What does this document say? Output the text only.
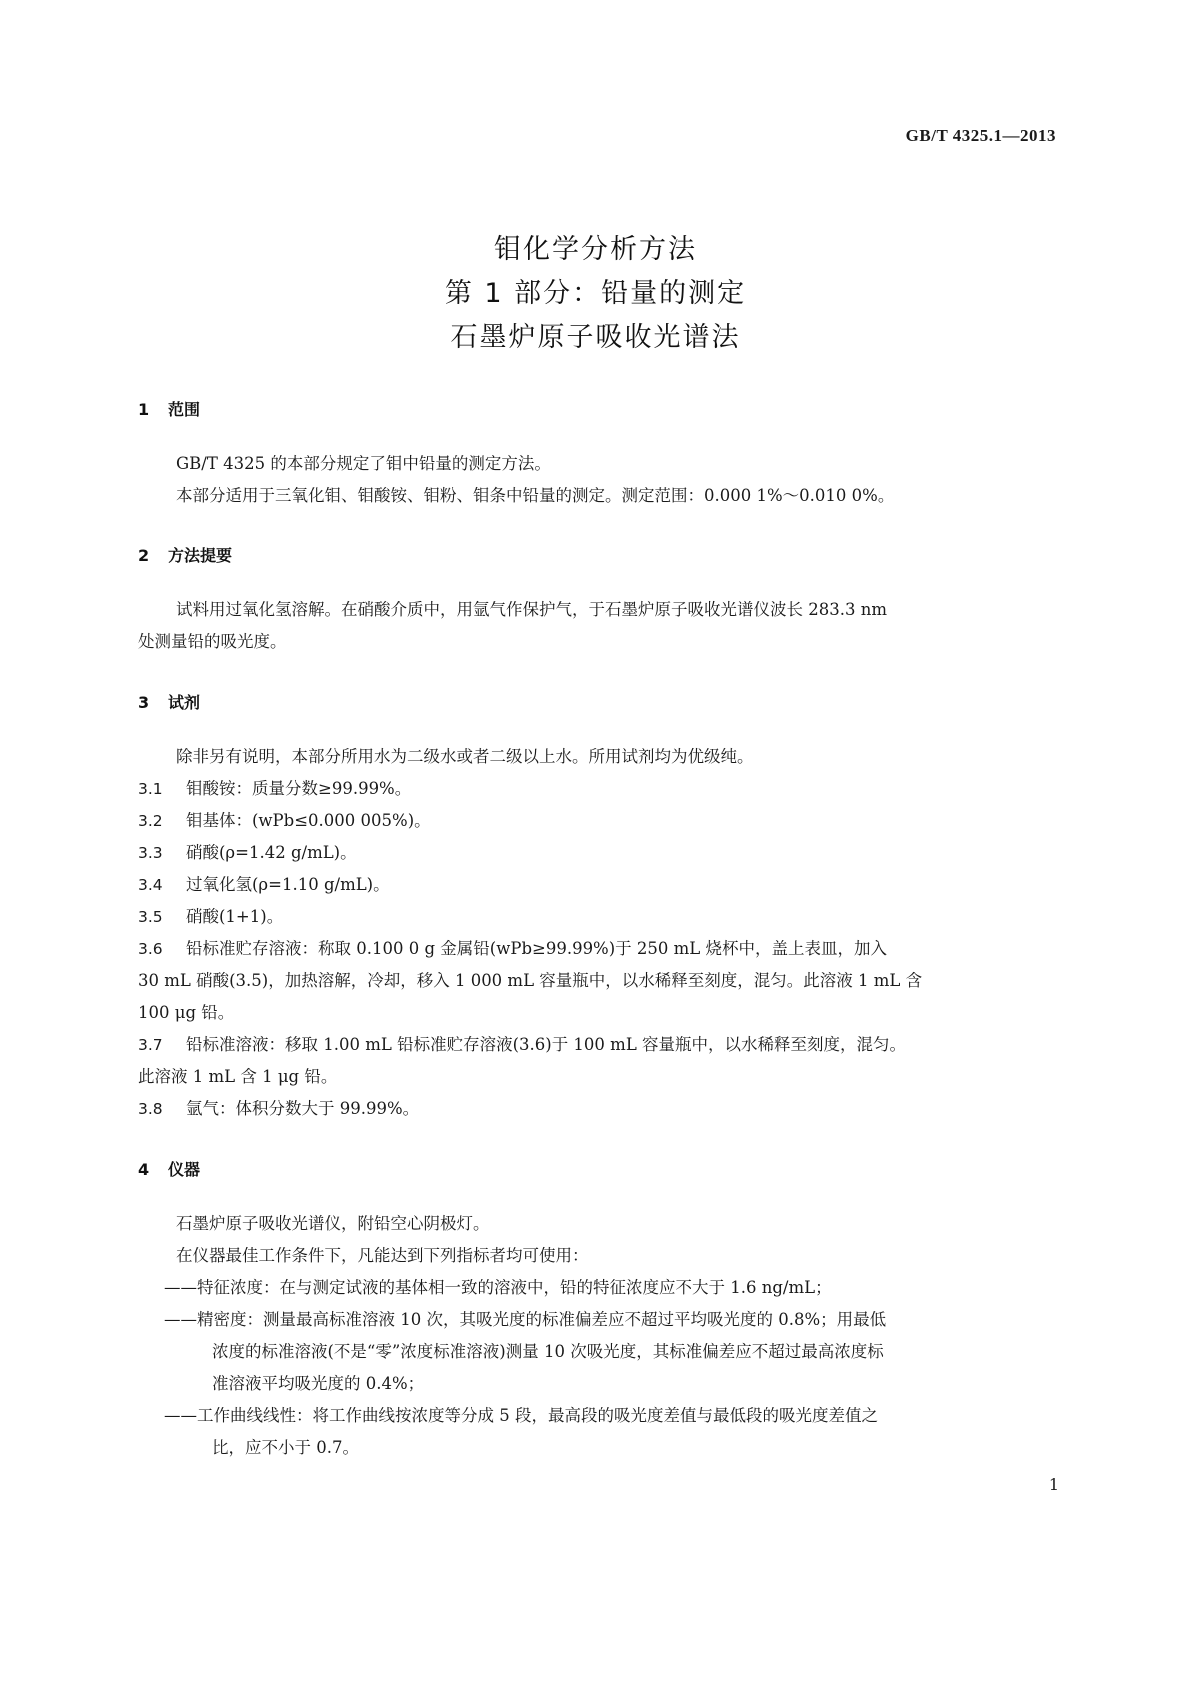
GB/T 4325.1—2013
钼化学分析方法
第 1 部分：铅量的测定
石墨炉原子吸收光谱法
1 范围
GB/T 4325 的本部分规定了钼中铅量的测定方法。
本部分适用于三氧化钼、钼酸铵、钼粉、钼条中铅量的测定。测定范围：0.000 1%～0.010 0%。
2 方法提要
试料用过氧化氢溶解。在硝酸介质中，用氩气作保护气，于石墨炉原子吸收光谱仪波长 283.3 nm
处测量铅的吸光度。
3 试剂
除非另有说明，本部分所用水为二级水或者二级以上水。所用试剂均为优级纯。
3.1 钼酸铵：质量分数≥99.99%。
3.2 钼基体：(wPb≤0.000 005%)。
3.3 硝酸(ρ=1.42 g/mL)。
3.4 过氧化氢(ρ=1.10 g/mL)。
3.5 硝酸(1+1)。
3.6 铅标准贮存溶液：称取 0.100 0 g 金属铅(wPb≥99.99%)于 250 mL 烧杯中，盖上表皿，加入
30 mL 硝酸(3.5)，加热溶解，冷却，移入 1 000 mL 容量瓶中，以水稀释至刻度，混匀。此溶液 1 mL 含
100 μg 铅。
3.7 铅标准溶液：移取 1.00 mL 铅标准贮存溶液(3.6)于 100 mL 容量瓶中，以水稀释至刻度，混匀。
此溶液 1 mL 含 1 μg 铅。
3.8 氩气：体积分数大于 99.99%。
4 仪器
石墨炉原子吸收光谱仪，附铅空心阴极灯。
在仪器最佳工作条件下，凡能达到下列指标者均可使用：
——特征浓度：在与测定试液的基体相一致的溶液中，铅的特征浓度应不大于 1.6 ng/mL；
——精密度：测量最高标准溶液 10 次，其吸光度的标准偏差应不超过平均吸光度的 0.8%；用最低
浓度的标准溶液(不是“零”浓度标准溶液)测量 10 次吸光度，其标准偏差应不超过最高浓度标
准溶液平均吸光度的 0.4%；
——工作曲线线性：将工作曲线按浓度等分成 5 段，最高段的吸光度差值与最低段的吸光度差值之
比，应不小于 0.7。
1
